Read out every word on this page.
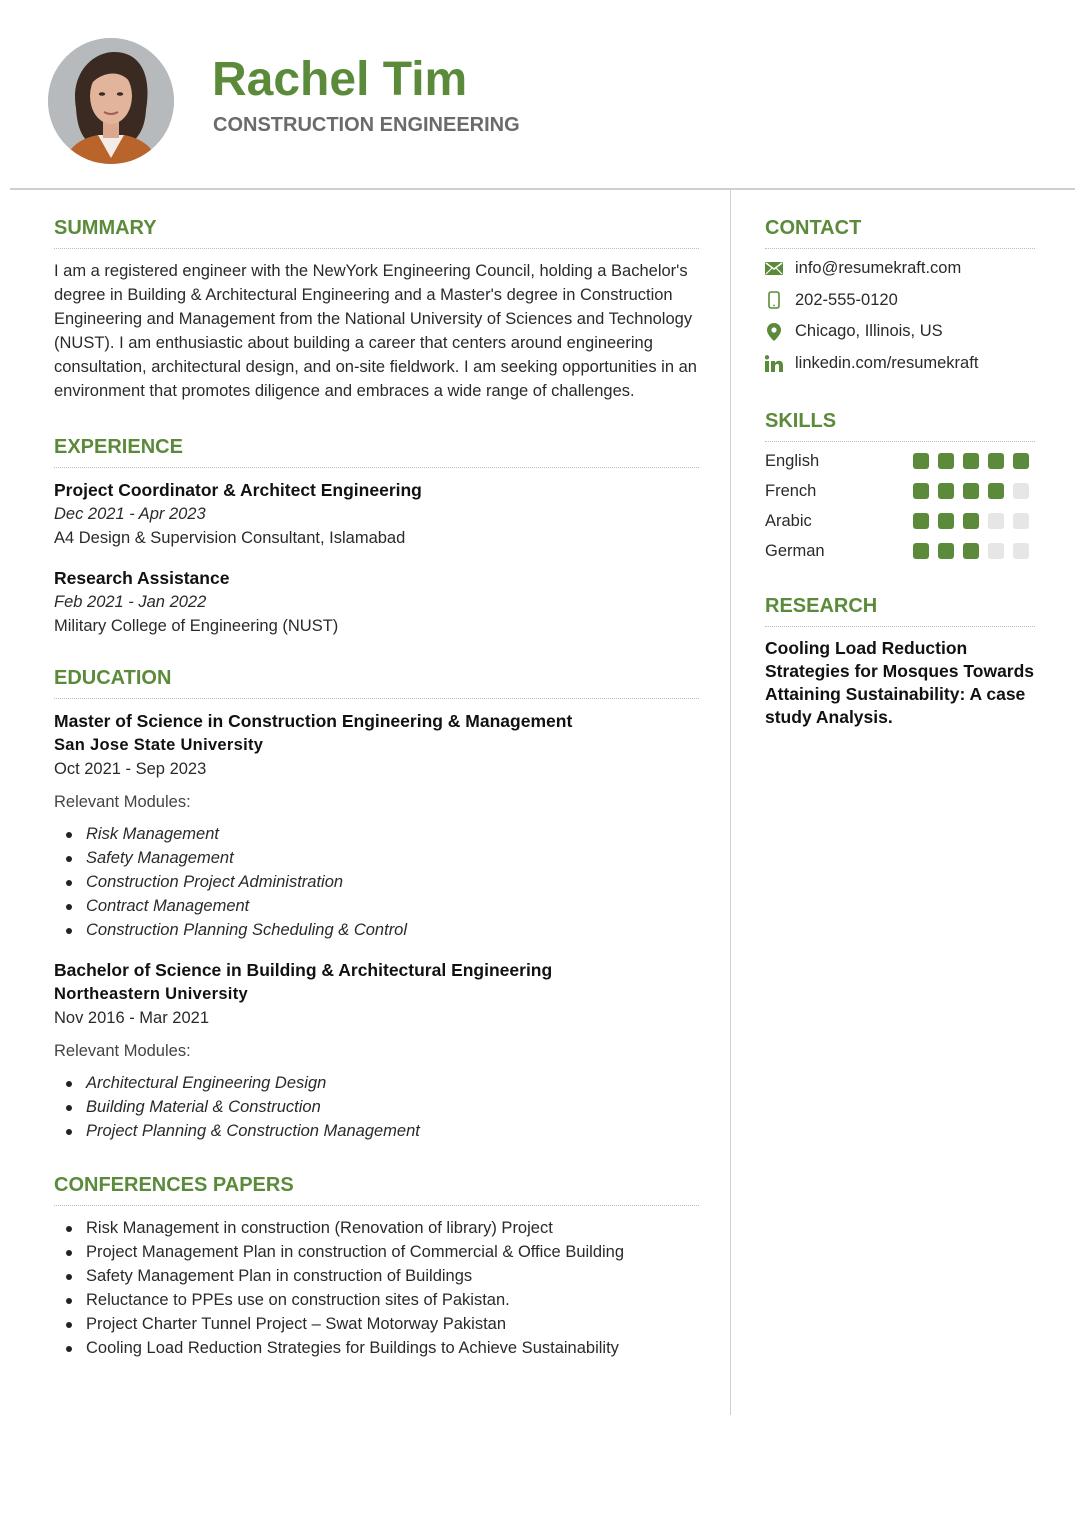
Rachel Tim
CONSTRUCTION ENGINEERING
SUMMARY

I am a registered engineer with the NewYork Engineering Council, holding a Bachelor's degree in Building & Architectural Engineering and a Master's degree in Construction Engineering and Management from the National University of Sciences and Technology (NUST). I am enthusiastic about building a career that centers around engineering consultation, architectural design, and on-site fieldwork. I am seeking opportunities in an environment that promotes diligence and embraces a wide range of challenges.

EXPERIENCE
Project Coordinator & Architect Engineering
Dec 2021 - Apr 2023
A4 Design & Supervision Consultant, Islamabad
Research Assistance
Feb 2021 - Jan 2022
Military College of Engineering (NUST)
EDUCATION
Master of Science in Construction Engineering & Management
San Jose State University
Oct 2021 - Sep 2023
Relevant Modules:
Risk Management
Safety Management
Construction Project Administration
Contract Management
Construction Planning Scheduling & Control
Bachelor of Science in Building & Architectural Engineering
Northeastern University
Nov 2016 - Mar 2021
Relevant Modules:
Architectural Engineering Design
Building Material & Construction
Project Planning & Construction Management
CONFERENCES PAPERS
Risk Management in construction (Renovation of library) Project
Project Management Plan in construction of Commercial & Office Building
Safety Management Plan in construction of Buildings
Reluctance to PPEs use on construction sites of Pakistan.
Project Charter Tunnel Project – Swat Motorway Pakistan
Cooling Load Reduction Strategies for Buildings to Achieve Sustainability
CONTACT
info@resumekraft.com
202-555-0120
Chicago, Illinois, US
linkedin.com/resumekraft
SKILLS
English
French
Arabic
German
RESEARCH

Cooling Load Reduction Strategies for Mosques Towards Attaining Sustainability: A case study Analysis.
